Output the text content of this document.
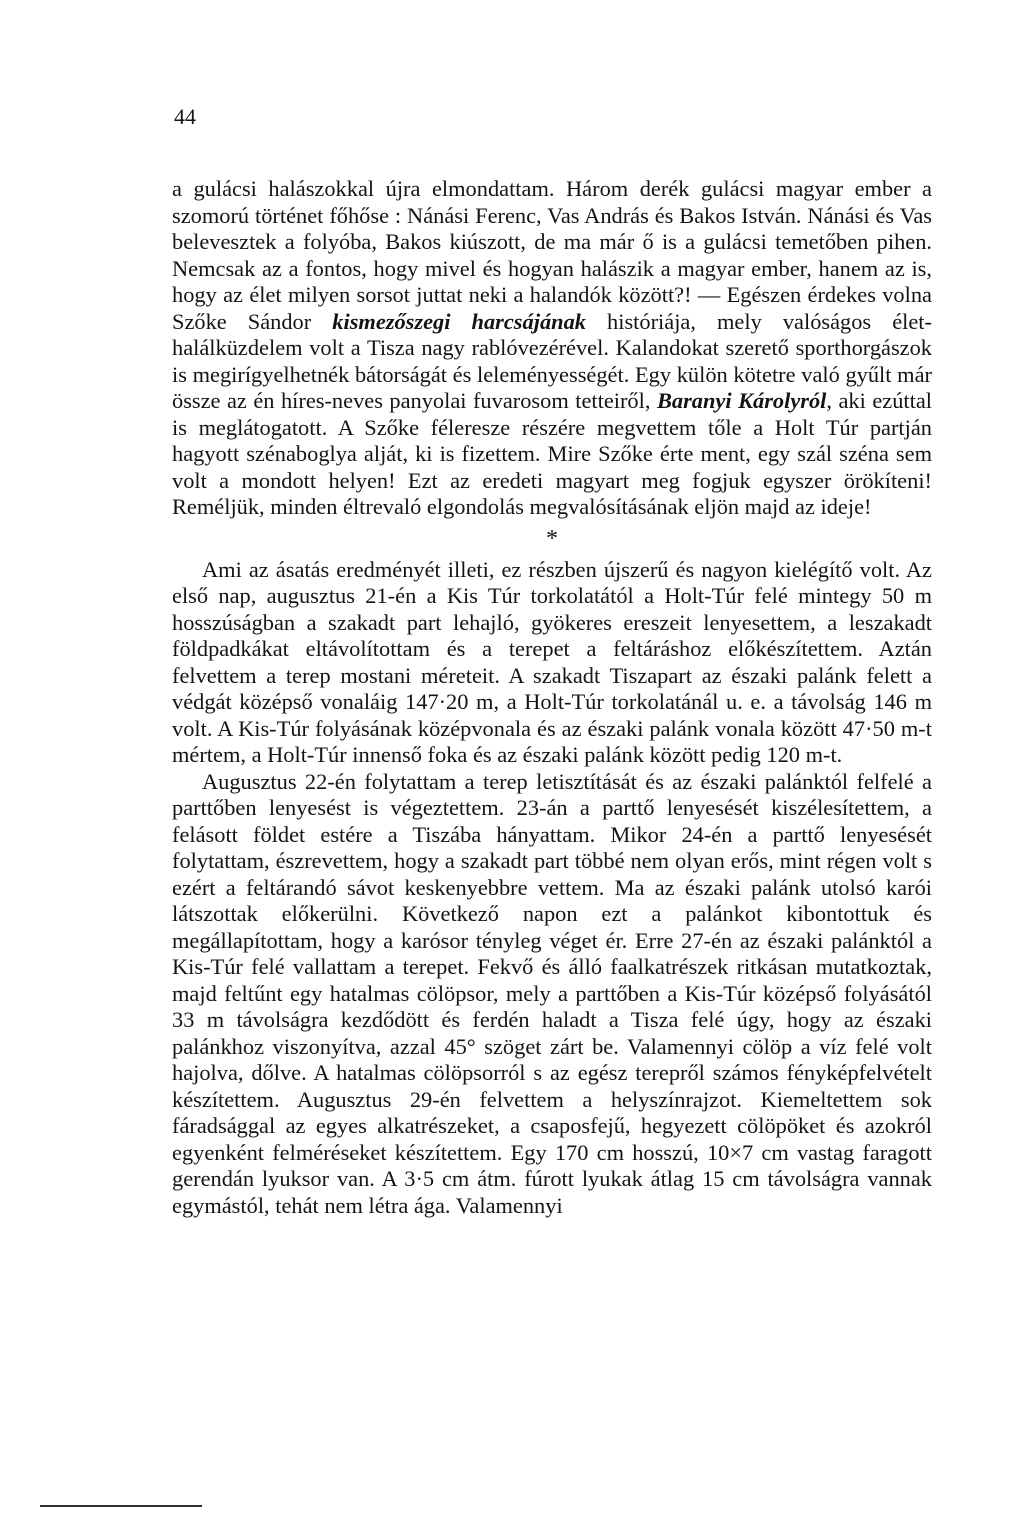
44

a gulácsi halászokkal újra elmondattam. Három derék gulácsi magyar ember a szomorú történet főhőse : Nánási Ferenc, Vas András és Bakos István. Nánási és Vas belevesztek a folyóba, Bakos kiúszott, de ma már ő is a gulácsi temetőben pihen. Nemcsak az a fontos, hogy mivel és hogyan halászik a magyar ember, hanem az is, hogy az élet milyen sorsot juttat neki a halandók között?! — Egészen érdekes volna Szőke Sándor kismezőszegi harcsájának históriája, mely valóságos élet-halálküzdelem volt a Tisza nagy rablóvezérével. Kalandokat szerető sporthorgászok is megirígyelhetnék bátorságát és leleményességét. Egy külön kötetre való gyűlt már össze az én híres-neves panyolai fuvarosom tetteiről, Baranyi Károlyról, aki ezúttal is meglátogatott. A Szőke féleresze részére megvettem tőle a Holt Túr partján hagyott szénaboglya alját, ki is fizettem. Mire Szőke érte ment, egy szál széna sem volt a mondott helyen! Ezt az eredeti magyart meg fogjuk egyszer örökíteni! Reméljük, minden éltrevaló elgondolás megvalósításának eljön majd az ideje!

*

Ami az ásatás eredményét illeti, ez részben újszerű és nagyon kielégítő volt. Az első nap, augusztus 21-én a Kis Túr torkolatától a Holt-Túr felé mintegy 50 m hosszúságban a szakadt part lehajló, gyökeres ereszeit lenyesettem, a leszakadt földpadkákat eltávolítottam és a terepet a feltáráshoz előkészítettem. Aztán felvettem a terep mostani méreteit. A szakadt Tiszapart az északi palánk felett a védgát középső vonaláig 147·20 m, a Holt-Túr torkolatánál u. e. a távolság 146 m volt. A Kis-Túr folyásának középvonala és az északi palánk vonala között 47·50 m-t mértem, a Holt-Túr innenső foka és az északi palánk között pedig 120 m-t.

Augusztus 22-én folytattam a terep letisztítását és az északi palánktól felfelé a parttőben lenyesést is végeztettem. 23-án a parttő lenyesését kiszélesítettem, a felásott földet estére a Tiszába hányattam. Mikor 24-én a parttő lenyesését folytattam, észrevettem, hogy a szakadt part többé nem olyan erős, mint régen volt s ezért a feltárandó sávot keskenyebbre vettem. Ma az északi palánk utolsó karói látszottak előkerülni. Következő napon ezt a palánkot kibontottuk és megállapítottam, hogy a karósor tényleg véget ér. Erre 27-én az északi palánktól a Kis-Túr felé vallattam a terepet. Fekvő és álló faalkatrészek ritkásan mutatkoztak, majd feltűnt egy hatalmas cölöpsor, mely a parttőben a Kis-Túr középső folyásától 33 m távolságra kezdődött és ferdén haladt a Tisza felé úgy, hogy az északi palánkhoz viszonyítva, azzal 45° szöget zárt be. Valamennyi cölöp a víz felé volt hajolva, dőlve. A hatalmas cölöpsorról s az egész terepről számos fényképfelvételt készítettem. Augusztus 29-én felvettem a helyszínrajzot. Kiemeltettem sok fáradsággal az egyes alkatrészeket, a csaposfejű, hegyezett cölöpöket és azokról egyenként felméréseket készítettem. Egy 170 cm hosszú, 10×7 cm vastag faragott gerendán lyuksor van. A 3·5 cm átm. fúrott lyukak átlag 15 cm távolságra vannak egymástól, tehát nem létra ága. Valamennyi
